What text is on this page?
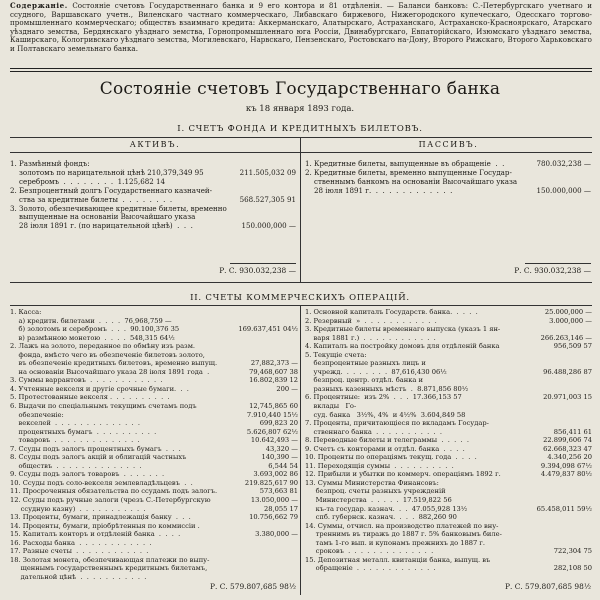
Содержаніе. Состояніе счетовъ Государственнаго банка и 9 его контора и 81 отдѣленія. — Баланси банковъ: С.-Петербургскаго учетнаго и ссудного, Варшавскаго учетн., Виленскаго частнаго коммерческаго, Либавскаго биржевого, Нижегородского купеческаго, Одесскаго торгово-промышленнаго коммерческаго; обществъ взаимнаго кредита: Аккерманскаго, Алатырскаго, Астраханскаго, Астраханско-Красноярскаго, Атарскаго уѣзднаго земства, Бердянскаго уѣзднаго земства, Горнопромышленнаго юга Россіи, Двинабургскаго, Евпаторійскаго, Изюмскаго уѣзднаго земства, Каширскаго, Кологривскаго уѣзднаго земства, Могилевскаго, Нарвскаго, Пензенскаго, Ростовскаго на-Дону, Второго Рижскаго, Второго Харьковскаго и Полтавскаго земельнаго банка.
Состояніе счетовъ Государственнаго банка
къ 18 января 1893 года.
I. СЧЕТЪ ФОНДА И КРЕДИТНЫХЪ БИЛЕТОВЪ.
АКТИВЪ.	ПАССИВЪ.
1. Размѣнный фондъ:
золотомъ по нарицательной цѣнѣ 210,379,349 95
серебромъ  .  .  .  .  .  .  .  .  1.125,682 14
2. Безпроцентный долгъ Государственнаго казначей-
ства за кредитные билеты  .  .  .  .  .  .  .  .
3. Золото, обезпечивающее кредитные билеты, временно
выпущенные на основаніи Высочайшаго указа
28 іюля 1891 г. (по нарицательной цѣнѣ)  .  .  .

211.505,032 09

568.527,305 91

150.000,000 —
Р. С. 930.032,238 —
1. Кредитные билеты, выпущенные въ обращеніе  .  .
2. Кредитные билеты, временно выпущенные Государ-
ственнымъ банкомъ на основаніи Высочайшаго указа
28 іюля 1891 г.  .  .  .  .  .  .  .  .  .  .  .  .
780.032,238 —

150.000,000 —
Р. С. 930.032,238 —
II. СЧЕТЫ КОММЕРЧЕСКИХЪ ОПЕРАЦІЙ.
1. Касса:
а) кредитн. билетами  .  .  .  .  76,968,759 —
б) золотомъ и серебромъ  .  .  .  90.100,376 35
в) размѣнною монетою  .  .  .  .  548,315 64½
2. Лажъ на золото, переданное по обмѣну изъ разм.
фонда, вмѣсто чего въ обезпеченіе билетовъ золото,
въ обезпеченіе кредитныхъ билетовъ, временно выпущ.
на основаніи Высочайшаго указа 28 іюля 1891 года  .
3. Суммы варрантовъ  .  .  .  .  .  .  .  .  .  .  .  .
4. Учтенные векселя и другіе срочные бумаги.  .  .
5. Протестованные векселя .  .  .  .  .  .  .  .  .  .
6. Выдачи по спеціальнымъ текущимъ счетамъ подъ
обезпеченіе:
векселей  .  .  .  .  .  .  .  .  .  .  .  .  .  .
процентныхъ бумагъ  .  .  .  .  .  .  .  .  .  .
товаровъ  .  .  .  .  .  .  .  .  .  .  .  .  .  .
7. Ссуды подъ залогъ процентныхъ бумагъ  .  .  .
8. Ссуды подъ залогъ акцій и облигацій частныхъ
обществъ  .  .  .  .  .  .  .  .  .  .  .  .  .  .
9. Ссуды подъ залогъ товаровъ  .  .  .  .  .  .  .
10. Ссуды подъ соло-векселя землевладѣльцевъ  .  .
11. Просроченныя обязательства по ссудамъ подъ залогъ.
12. Ссуды подъ ручные залоги (чрезъ С.-Петербургскую
ссудную казну)  .  .  .  .  .  .  .  .  .  .  .
13. Проценты, бумаги, принадлежащія банку  .  .  .
14. Проценты, бумаги, пріобрѣтенныя по коммиссіи .
15. Капиталъ конторъ и отдѣленій банка  .  .  .  .
16. Расходы банка  .  .  .  .  .  .  .  .  .  .  .  .
17. Разные счеты  .  .  .  .  .  .  .  .  .  .  .  .
18. Золотая монета, обезпечивающая платежи по выпу-
щеннымъ государственнымъ кредитнымъ билетамъ,
дательной цѣнѣ  .  .  .  .  .  .  .  .  .  .  .

169.637,451 04½

27,882,373 —
79,468,607 38
16.802,839 12
200 —

12,745,865 60
7.910,440 15½
699,823 20
5.626,807 62½
10.642,493 —
43,320 —
140,390 —
6,544 54
3.693,002 86
219.825,617 90
573,663 81
13.050,000 —
28,055 17
10.756,662 79

3.380,000 —
Р. С. 579.807,685 98½
1. Основной капиталъ Государств. банка.  .  .  .  .
2. Резервный  »  .  .  .  .  .  .  .  .  .  .  .  .
3. Кредитные билеты временнаго выпуска (указъ 1 ян-
варя 1881 г.)  .  .  .  .  .  .  .  .  .  .  .  .
4. Капиталъ на постройку домовъ для отдѣленій банка
5. Текущіе счета:
безпроцентные разныхъ лицъ и
учрежд.  .  .  .  .  .  .  .  87,616,430 06½
безпроц. центр. отдѣл. банка и
разныхъ казенныхъ мѣстъ  .  8.871,856 80½
6. Процентные:  изъ 2%  .  .  .  17.366,153 57
вклады   Го-
суд. банка   3½%, 4%  и 4½%  3.604,849 58
7. Проценты, причитающіеся по вкладамъ Государ-
ственнаго банка  .  .  .  .  .  .  .  .  .  .  .
8. Переводные билеты и телеграммы  .  .  .  .  .
9. Счетъ съ конторами и отдѣл. банка  .  .  .  .
10. Проценты по операціямъ текущ. года  .  .  .  .
11. Переходящія суммы  .  .  .  .  .  .  .  .  .  .
12. Прибыли и убытки по коммерч. операціямъ 1892 г.
13. Суммы Министерства Финансовъ:
безпроц. счеты разныхъ учрежденій
Министерства  .  .  .  .  .  17.519,822 56
къ-та государ. казнач.  .  .  47.055,928 13½
спб. губернск. казнач.  .  .  .  882,260 90
14. Суммы, отчисл. на производство платежей по вну-
треннимъ въ тиражъ до 1887 г. 5% банковымъ биле-
тамъ 1-го вып. и купонамъ прежнихъ до 1887 г.
сроковъ  .  .  .  .  .  .  .  .  .  .  .  .  .  .
15. Депозитная металл. квитанціи банка, выпущ. въ
обращеніе  .  .  .  .  .  .  .  .  .  .  .  .  .
25.000,000 —
3.000,000 —

266.263,146 —
956,509 57

96.488,286 87

20.971,003 15

856,411 61
22.899,606 74
62.668,323 47
4.340,256 20
9.394,098 67½
4.479,837 80½

65.458,011 59½

722,304 75

282,108 50
Р. С. 579.807,685 98½
